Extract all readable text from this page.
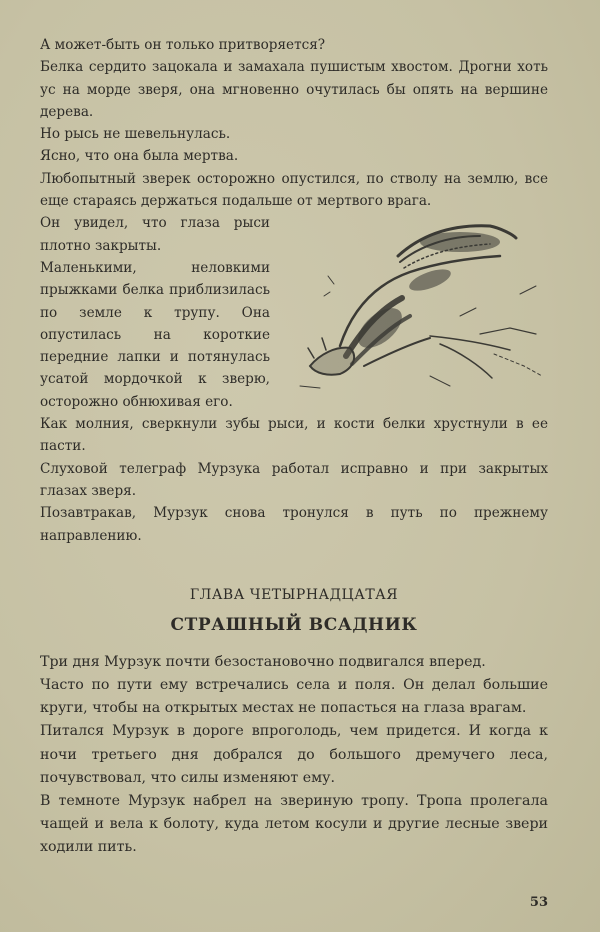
А может-быть он только притворяется?

Белка сердито зацокала и замахала пушистым хвостом. Дрогни хоть ус на морде зверя, она мгновенно очутилась бы опять на вершине дерева.

Но рысь не шевельнулась.

Ясно, что она была мертва.

Любопытный зверек осторожно опустился, по стволу на землю, все еще стараясь держаться подальше от мертвого врага.

Он увидел, что глаза рыси плотно закрыты.

Маленькими, неловкими прыжками белка приблизилась по земле к трупу. Она опустилась на короткие передние лапки и потянулась усатой мордочкой к зверю, осторожно обнюхивая его.

Как молния, сверкнули зубы рыси, и кости белки хрустнули в ее пасти.

Слуховой телеграф Мурзука работал исправно и при закрытых глазах зверя.

Позавтракав, Мурзук снова тронулся в путь по прежнему направлению.

ГЛАВА ЧЕТЫРНАДЦАТАЯ
СТРАШНЫЙ ВСАДНИК

Три дня Мурзук почти безостановочно подвигался вперед.

Часто по пути ему встречались села и поля. Он делал большие круги, чтобы на открытых местах не попасться на глаза врагам.

Питался Мурзук в дороге впроголодь, чем придется. И когда к ночи третьего дня добрался до большого дремучего леса, почувствовал, что силы изменяют ему.

В темноте Мурзук набрел на звериную тропу. Тропа пролегала чащей и вела к болоту, куда летом косули и другие лесные звери ходили пить.

53
